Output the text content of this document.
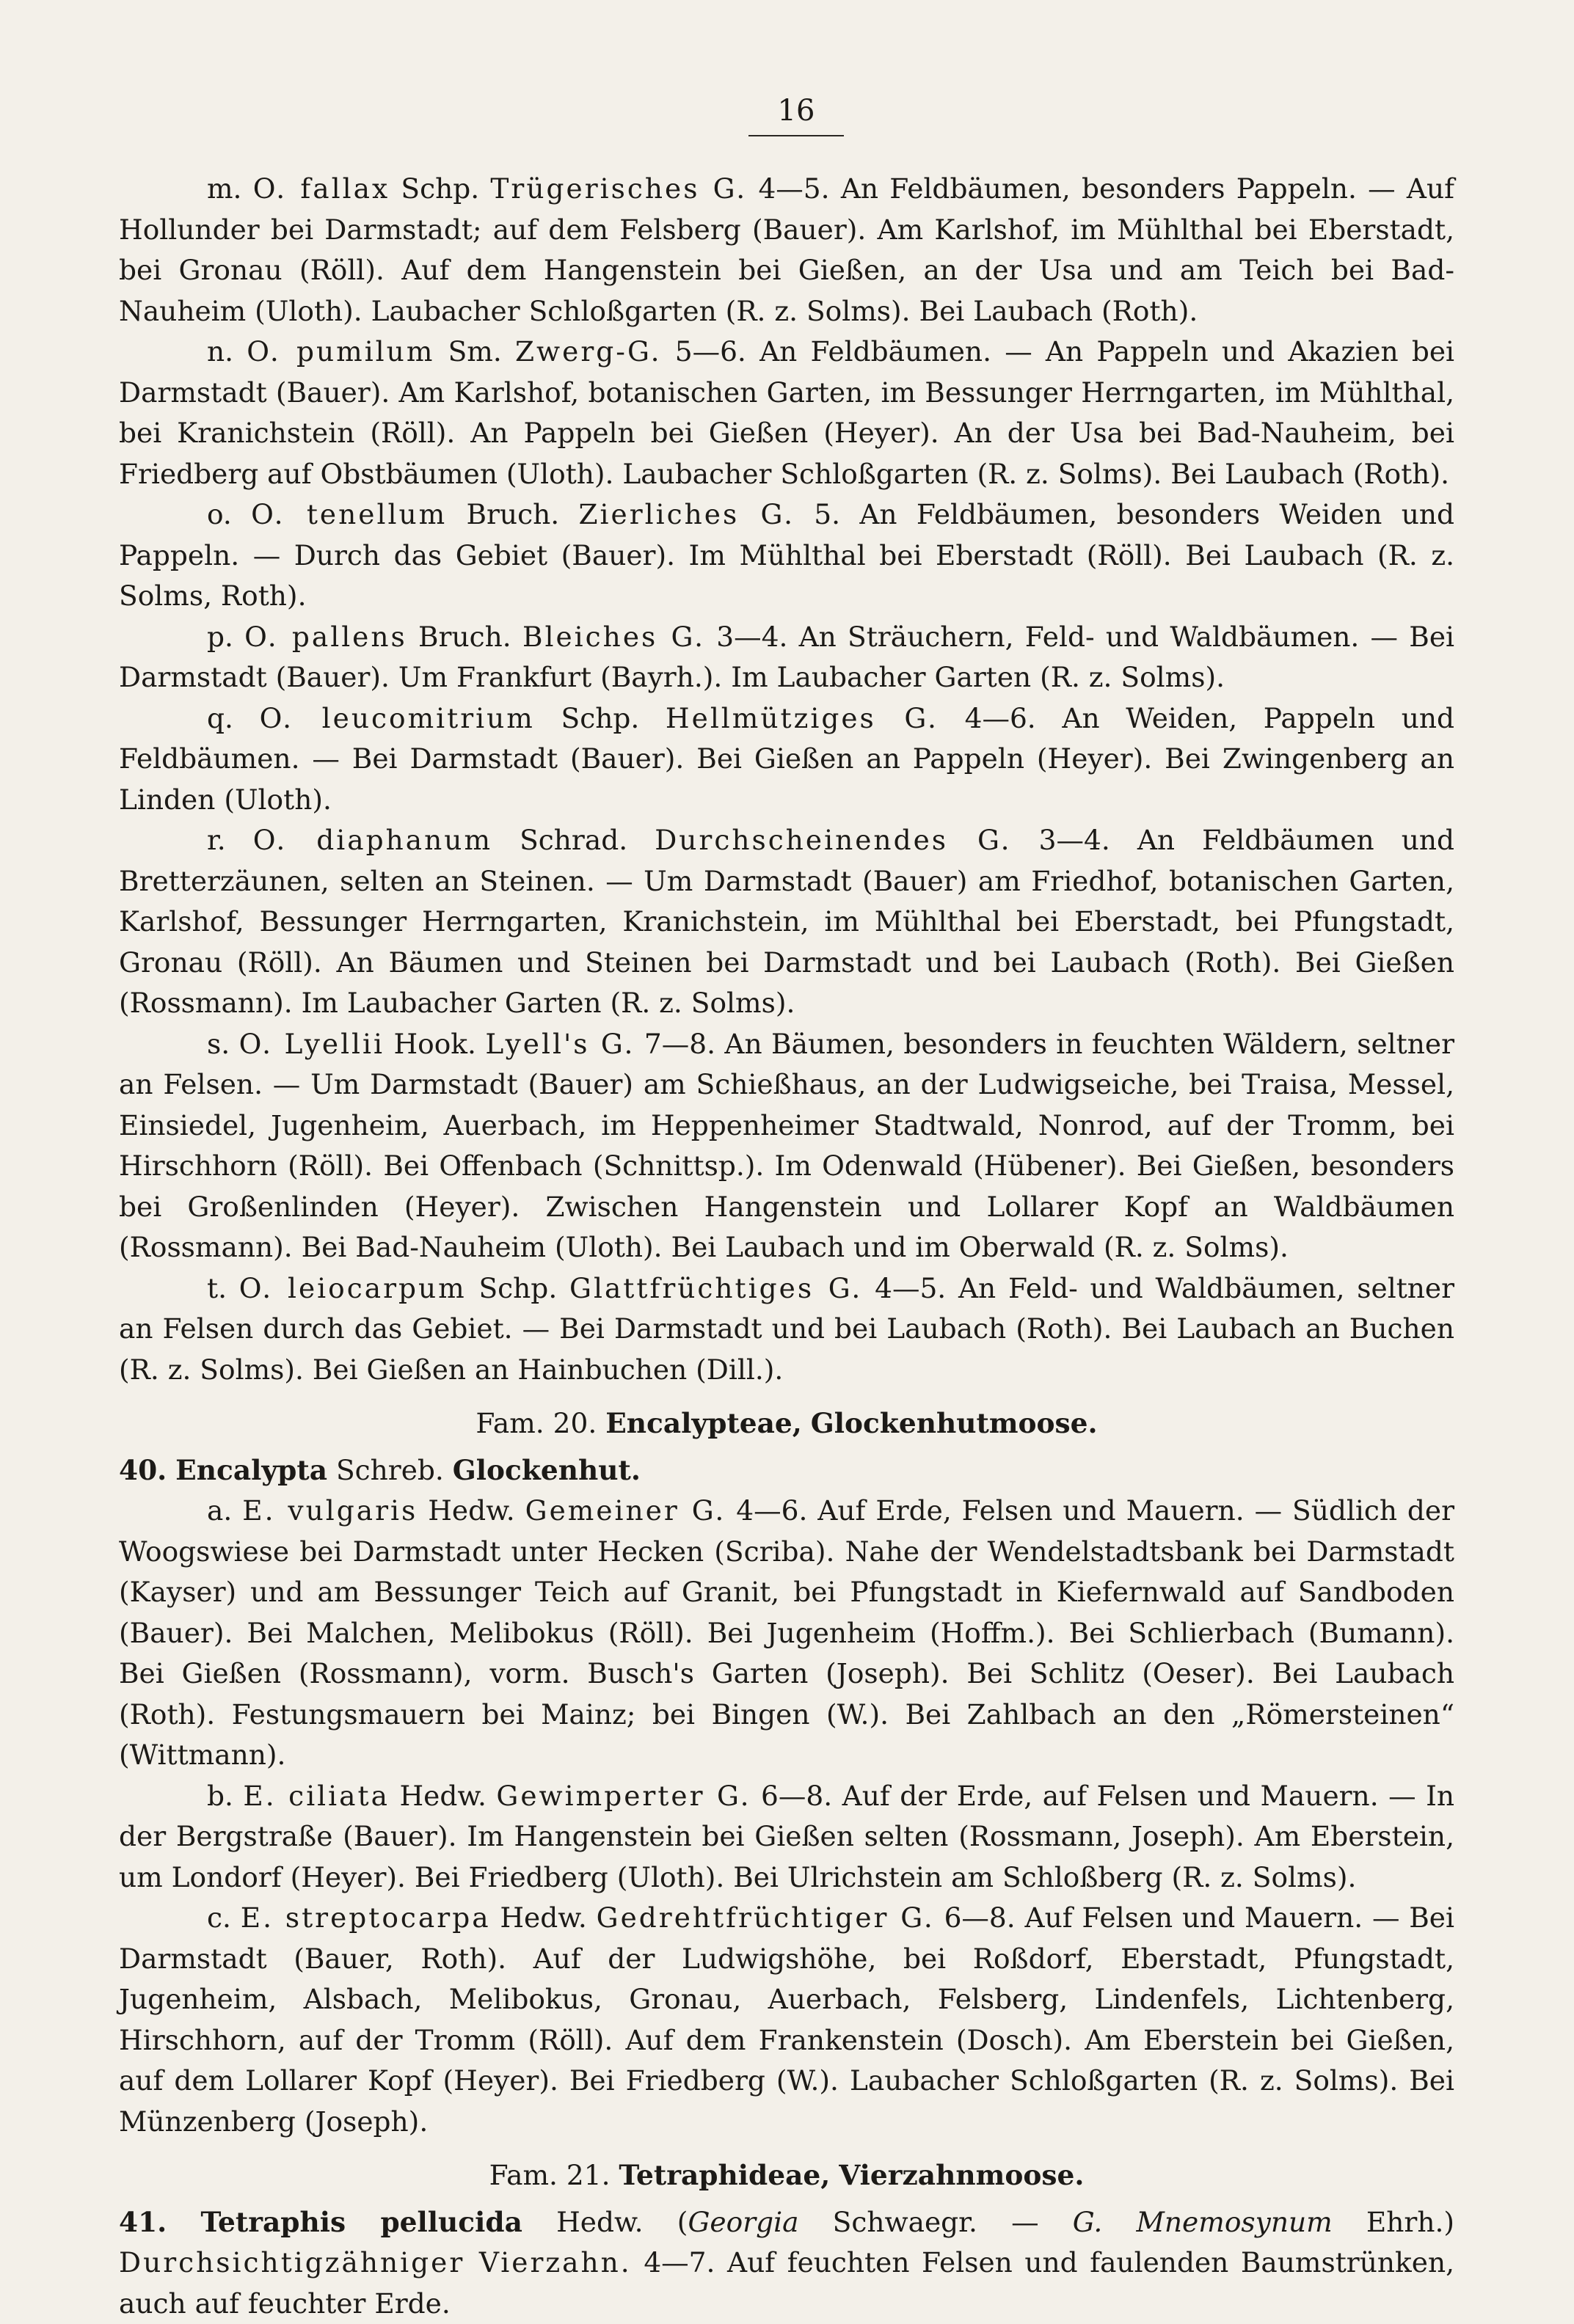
16

m. O. fallax Schp. Trügerisches G. 4—5. An Feldbäumen, besonders Pappeln. — Auf Hollunder bei Darmstadt; auf dem Felsberg (Bauer). Am Karlshof, im Mühlthal bei Eberstadt, bei Gronau (Röll). Auf dem Hangenstein bei Gießen, an der Usa und am Teich bei Bad-Nauheim (Uloth). Laubacher Schloßgarten (R. z. Solms). Bei Laubach (Roth).

n. O. pumilum Sm. Zwerg-G. 5—6. An Feldbäumen. — An Pappeln und Akazien bei Darmstadt (Bauer). Am Karlshof, botanischen Garten, im Bessunger Herrngarten, im Mühlthal, bei Kranichstein (Röll). An Pappeln bei Gießen (Heyer). An der Usa bei Bad-Nauheim, bei Friedberg auf Obstbäumen (Uloth). Laubacher Schloßgarten (R. z. Solms). Bei Laubach (Roth).

o. O. tenellum Bruch. Zierliches G. 5. An Feldbäumen, besonders Weiden und Pappeln. — Durch das Gebiet (Bauer). Im Mühlthal bei Eberstadt (Röll). Bei Laubach (R. z. Solms, Roth).

p. O. pallens Bruch. Bleiches G. 3—4. An Sträuchern, Feld- und Waldbäumen. — Bei Darmstadt (Bauer). Um Frankfurt (Bayrh.). Im Laubacher Garten (R. z. Solms).

q. O. leucomitrium Schp. Hellmütziges G. 4—6. An Weiden, Pappeln und Feldbäumen. — Bei Darmstadt (Bauer). Bei Gießen an Pappeln (Heyer). Bei Zwingenberg an Linden (Uloth).

r. O. diaphanum Schrad. Durchscheinendes G. 3—4. An Feldbäumen und Bretterzäunen, selten an Steinen. — Um Darmstadt (Bauer) am Friedhof, botanischen Garten, Karlshof, Bessunger Herrngarten, Kranichstein, im Mühlthal bei Eberstadt, bei Pfungstadt, Gronau (Röll). An Bäumen und Steinen bei Darmstadt und bei Laubach (Roth). Bei Gießen (Rossmann). Im Laubacher Garten (R. z. Solms).

s. O. Lyellii Hook. Lyell's G. 7—8. An Bäumen, besonders in feuchten Wäldern, seltner an Felsen. — Um Darmstadt (Bauer) am Schießhaus, an der Ludwigseiche, bei Traisa, Messel, Einsiedel, Jugenheim, Auerbach, im Heppenheimer Stadtwald, Nonrod, auf der Tromm, bei Hirschhorn (Röll). Bei Offenbach (Schnittsp.). Im Odenwald (Hübener). Bei Gießen, besonders bei Großenlinden (Heyer). Zwischen Hangenstein und Lollarer Kopf an Waldbäumen (Rossmann). Bei Bad-Nauheim (Uloth). Bei Laubach und im Oberwald (R. z. Solms).

t. O. leiocarpum Schp. Glattfrüchtiges G. 4—5. An Feld- und Waldbäumen, seltner an Felsen durch das Gebiet. — Bei Darmstadt und bei Laubach (Roth). Bei Laubach an Buchen (R. z. Solms). Bei Gießen an Hainbuchen (Dill.).

Fam. 20. Encalypteae, Glockenhutmoose.

40. Encalypta Schreb. Glockenhut.

a. E. vulgaris Hedw. Gemeiner G. 4—6. Auf Erde, Felsen und Mauern. — Südlich der Woogswiese bei Darmstadt unter Hecken (Scriba). Nahe der Wendelstadtsbank bei Darmstadt (Kayser) und am Bessunger Teich auf Granit, bei Pfungstadt in Kiefernwald auf Sandboden (Bauer). Bei Malchen, Melibokus (Röll). Bei Jugenheim (Hoffm.). Bei Schlierbach (Bumann). Bei Gießen (Rossmann), vorm. Busch's Garten (Joseph). Bei Schlitz (Oeser). Bei Laubach (Roth). Festungsmauern bei Mainz; bei Bingen (W.). Bei Zahlbach an den „Römersteinen“ (Wittmann).

b. E. ciliata Hedw. Gewimperter G. 6—8. Auf der Erde, auf Felsen und Mauern. — In der Bergstraße (Bauer). Im Hangenstein bei Gießen selten (Rossmann, Joseph). Am Eberstein, um Londorf (Heyer). Bei Friedberg (Uloth). Bei Ulrichstein am Schloßberg (R. z. Solms).

c. E. streptocarpa Hedw. Gedrehtfrüchtiger G. 6—8. Auf Felsen und Mauern. — Bei Darmstadt (Bauer, Roth). Auf der Ludwigshöhe, bei Roßdorf, Eberstadt, Pfungstadt, Jugenheim, Alsbach, Melibokus, Gronau, Auerbach, Felsberg, Lindenfels, Lichtenberg, Hirschhorn, auf der Tromm (Röll). Auf dem Frankenstein (Dosch). Am Eberstein bei Gießen, auf dem Lollarer Kopf (Heyer). Bei Friedberg (W.). Laubacher Schloßgarten (R. z. Solms). Bei Münzenberg (Joseph).

Fam. 21. Tetraphideae, Vierzahnmoose.

41. Tetraphis pellucida Hedw. (Georgia Schwaegr. — G. Mnemosynum Ehrh.) Durchsichtigzähniger Vierzahn. 4—7. Auf feuchten Felsen und faulenden Baumstrünken, auch auf feuchter Erde.
